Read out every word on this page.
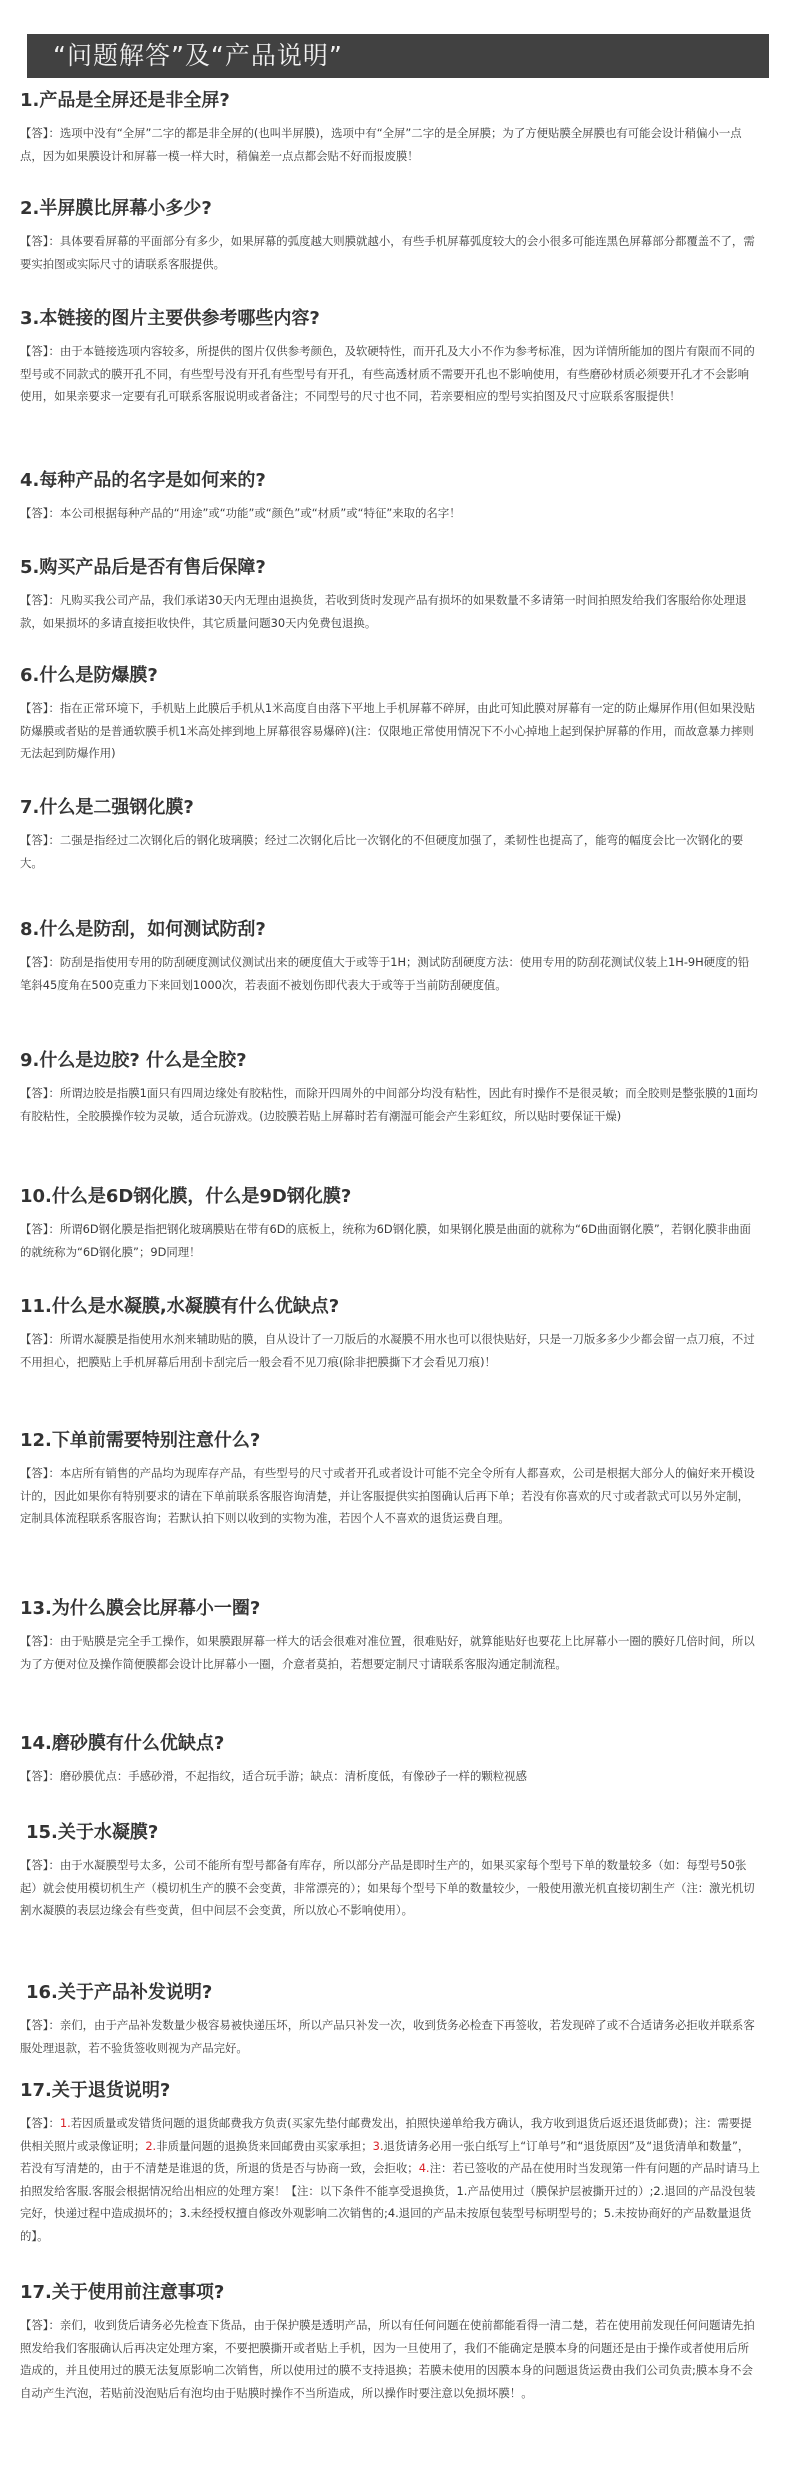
“问题解答”及“产品说明”
1.产品是全屏还是非全屏?

【答】：选项中没有“全屏”二字的都是非全屏的(也叫半屏膜)，选项中有“全屏”二字的是全屏膜；为了方便贴膜全屏膜也有可能会设计稍偏小一点点，因为如果膜设计和屏幕一模一样大时，稍偏差一点点都会贴不好而报废膜！

2.半屏膜比屏幕小多少?

【答】：具体要看屏幕的平面部分有多少，如果屏幕的弧度越大则膜就越小，有些手机屏幕弧度较大的会小很多可能连黑色屏幕部分都覆盖不了，需要实拍图或实际尺寸的请联系客服提供。

3.本链接的图片主要供参考哪些内容?

【答】：由于本链接选项内容较多，所提供的图片仅供参考颜色，及软硬特性，而开孔及大小不作为参考标准，因为详情所能加的图片有限而不同的型号或不同款式的膜开孔不同，有些型号没有开孔有些型号有开孔，有些高透材质不需要开孔也不影响使用，有些磨砂材质必须要开孔才不会影响使用，如果亲要求一定要有孔可联系客服说明或者备注；不同型号的尺寸也不同，若亲要相应的型号实拍图及尺寸应联系客服提供！

4.每种产品的名字是如何来的?

【答】：本公司根据每种产品的“用途”或“功能”或“颜色”或“材质”或“特征”来取的名字！

5.购买产品后是否有售后保障?

【答】：凡购买我公司产品，我们承诺30天内无理由退换货，若收到货时发现产品有损坏的如果数量不多请第一时间拍照发给我们客服给你处理退款，如果损坏的多请直接拒收快件，其它质量问题30天内免费包退换。

6.什么是防爆膜?

【答】：指在正常环境下，手机贴上此膜后手机从1米高度自由落下平地上手机屏幕不碎屏，由此可知此膜对屏幕有一定的防止爆屏作用(但如果没贴防爆膜或者贴的是普通软膜手机1米高处摔到地上屏幕很容易爆碎)(注：仅限地正常使用情况下不小心掉地上起到保护屏幕的作用，而故意暴力摔则无法起到防爆作用)

7.什么是二强钢化膜?

【答】：二强是指经过二次钢化后的钢化玻璃膜；经过二次钢化后比一次钢化的不但硬度加强了，柔韧性也提高了，能弯的幅度会比一次钢化的要大。

8.什么是防刮，如何测试防刮?

【答】：防刮是指使用专用的防刮硬度测试仪测试出来的硬度值大于或等于1H；测试防刮硬度方法：使用专用的防刮花测试仪装上1H-9H硬度的铅笔斜45度角在500克重力下来回划1000次，若表面不被划伤即代表大于或等于当前防刮硬度值。

9.什么是边胶? 什么是全胶?

【答】：所谓边胶是指膜1面只有四周边缘处有胶粘性，而除开四周外的中间部分均没有粘性，因此有时操作不是很灵敏；而全胶则是整张膜的1面均有胶粘性，全胶膜操作较为灵敏，适合玩游戏。(边胶膜若贴上屏幕时若有潮湿可能会产生彩虹纹，所以贴时要保证干燥)

10.什么是6D钢化膜，什么是9D钢化膜?

【答】：所谓6D钢化膜是指把钢化玻璃膜贴在带有6D的底板上，统称为6D钢化膜，如果钢化膜是曲面的就称为“6D曲面钢化膜”，若钢化膜非曲面的就统称为“6D钢化膜”；9D同理！

11.什么是水凝膜,水凝膜有什么优缺点?

【答】：所谓水凝膜是指使用水剂来辅助贴的膜，自从设计了一刀版后的水凝膜不用水也可以很快贴好，只是一刀版多多少少都会留一点刀痕，不过不用担心，把膜贴上手机屏幕后用刮卡刮完后一般会看不见刀痕(除非把膜撕下才会看见刀痕)！

12.下单前需要特别注意什么?

【答】：本店所有销售的产品均为现库存产品，有些型号的尺寸或者开孔或者设计可能不完全令所有人都喜欢，公司是根据大部分人的偏好来开模设计的，因此如果你有特别要求的请在下单前联系客服咨询清楚，并让客服提供实拍图确认后再下单；若没有你喜欢的尺寸或者款式可以另外定制，定制具体流程联系客服咨询；若默认拍下则以收到的实物为准，若因个人不喜欢的退货运费自理。

13.为什么膜会比屏幕小一圈?

【答】：由于贴膜是完全手工操作，如果膜跟屏幕一样大的话会很难对准位置，很难贴好，就算能贴好也要花上比屏幕小一圈的膜好几倍时间，所以为了方便对位及操作简便膜都会设计比屏幕小一圈，介意者莫拍，若想要定制尺寸请联系客服沟通定制流程。

14.磨砂膜有什么优缺点?

【答】：磨砂膜优点：手感砂滑，不起指纹，适合玩手游；缺点：清析度低，有像砂子一样的颗粒视感

15.关于水凝膜?

【答】：由于水凝膜型号太多，公司不能所有型号都备有库存，所以部分产品是即时生产的，如果买家每个型号下单的数量较多（如：每型号50张起）就会使用模切机生产（模切机生产的膜不会变黄，非常漂亮的）；如果每个型号下单的数量较少，一般使用激光机直接切割生产（注：激光机切割水凝膜的表层边缘会有些变黄，但中间层不会变黄，所以放心不影响使用）。

16.关于产品补发说明?

【答】：亲们，由于产品补发数量少极容易被快递压坏，所以产品只补发一次，收到货务必检查下再签收，若发现碎了或不合适请务必拒收并联系客服处理退款，若不验货签收则视为产品完好。

17.关于退货说明?

【答】：1.若因质量或发错货问题的退货邮费我方负责(买家先垫付邮费发出，拍照快递单给我方确认，我方收到退货后返还退货邮费)；注：需要提供相关照片或录像证明；2.非质量问题的退换货来回邮费由买家承担；3.退货请务必用一张白纸写上“订单号”和“退货原因”及“退货清单和数量”，若没有写清楚的，由于不清楚是谁退的货，所退的货是否与协商一致，会拒收；4.注：若已签收的产品在使用时当发现第一件有问题的产品时请马上拍照发给客服.客服会根据情况给出相应的处理方案！【注：以下条件不能享受退换货，1.产品使用过（膜保护层被撕开过的）;2.退回的产品没包装完好，快递过程中造成损坏的；3.未经授权擅自修改外观影响二次销售的;4.退回的产品未按原包装型号标明型号的；5.未按协商好的产品数量退货的】。

17.关于使用前注意事项?

【答】：亲们，收到货后请务必先检查下货品，由于保护膜是透明产品，所以有任何问题在使前都能看得一清二楚，若在使用前发现任何问题请先拍照发给我们客服确认后再决定处理方案，不要把膜撕开或者贴上手机，因为一旦使用了，我们不能确定是膜本身的问题还是由于操作或者使用后所造成的，并且使用过的膜无法复原影响二次销售，所以使用过的膜不支持退换；若膜未使用的因膜本身的问题退货运费由我们公司负责;膜本身不会自动产生汽泡，若贴前没泡贴后有泡均由于贴膜时操作不当所造成，所以操作时要注意以免损坏膜！。
